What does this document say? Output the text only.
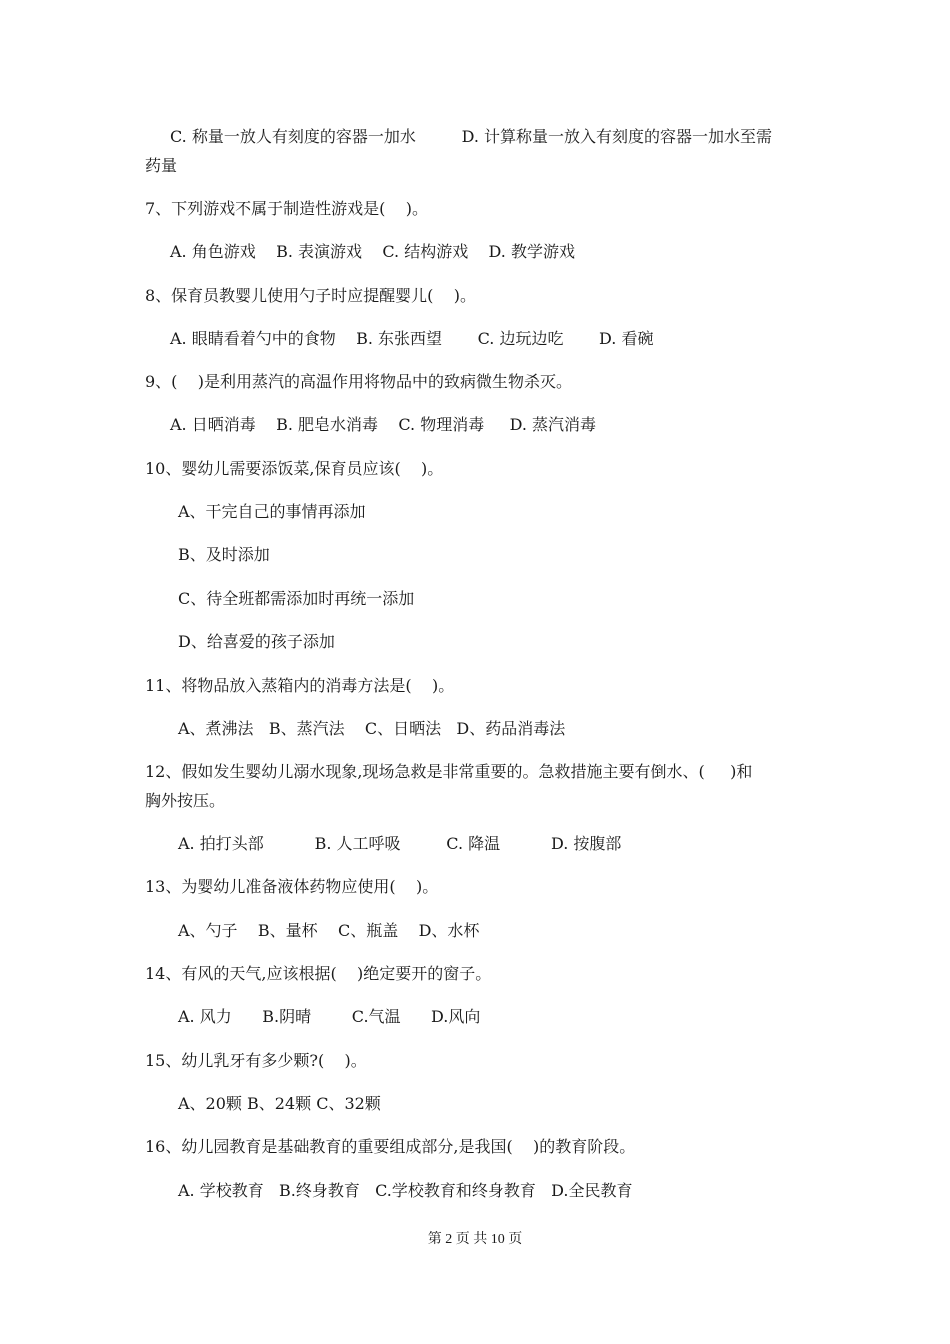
C. 称量一放人有刻度的容器一加水         D. 计算称量一放入有刻度的容器一加水至需
药量
7、下列游戏不属于制造性游戏是(    )。
A. 角色游戏    B. 表演游戏    C. 结构游戏    D. 教学游戏
8、保育员教婴儿使用勺子时应提醒婴儿(    )。
A. 眼睛看着勺中的食物    B. 东张西望       C. 边玩边吃       D. 看碗
9、(    )是利用蒸汽的高温作用将物品中的致病微生物杀灭。
A. 日晒消毒    B. 肥皂水消毒    C. 物理消毒     D. 蒸汽消毒
10、婴幼儿需要添饭菜,保育员应该(    )。
A、干完自己的事情再添加
B、及时添加
C、待全班都需添加时再统一添加
D、给喜爱的孩子添加
11、将物品放入蒸箱内的消毒方法是(    )。
A、煮沸法   B、蒸汽法    C、日晒法   D、药品消毒法
12、假如发生婴幼儿溺水现象,现场急救是非常重要的。急救措施主要有倒水、(     )和
胸外按压。
A. 拍打头部          B. 人工呼吸         C. 降温          D. 按腹部
13、为婴幼儿准备液体药物应使用(    )。
A、勺子    B、量杯    C、瓶盖    D、水杯
14、有风的天气,应该根据(    )绝定要开的窗子。
A. 风力      B.阴晴        C.气温      D.风向
15、幼儿乳牙有多少颗?(    )。
A、20颗 B、24颗 C、32颗
16、幼儿园教育是基础教育的重要组成部分,是我国(    )的教育阶段。
A. 学校教育   B.终身教育   C.学校教育和终身教育   D.全民教育
第 2 页 共 10 页
